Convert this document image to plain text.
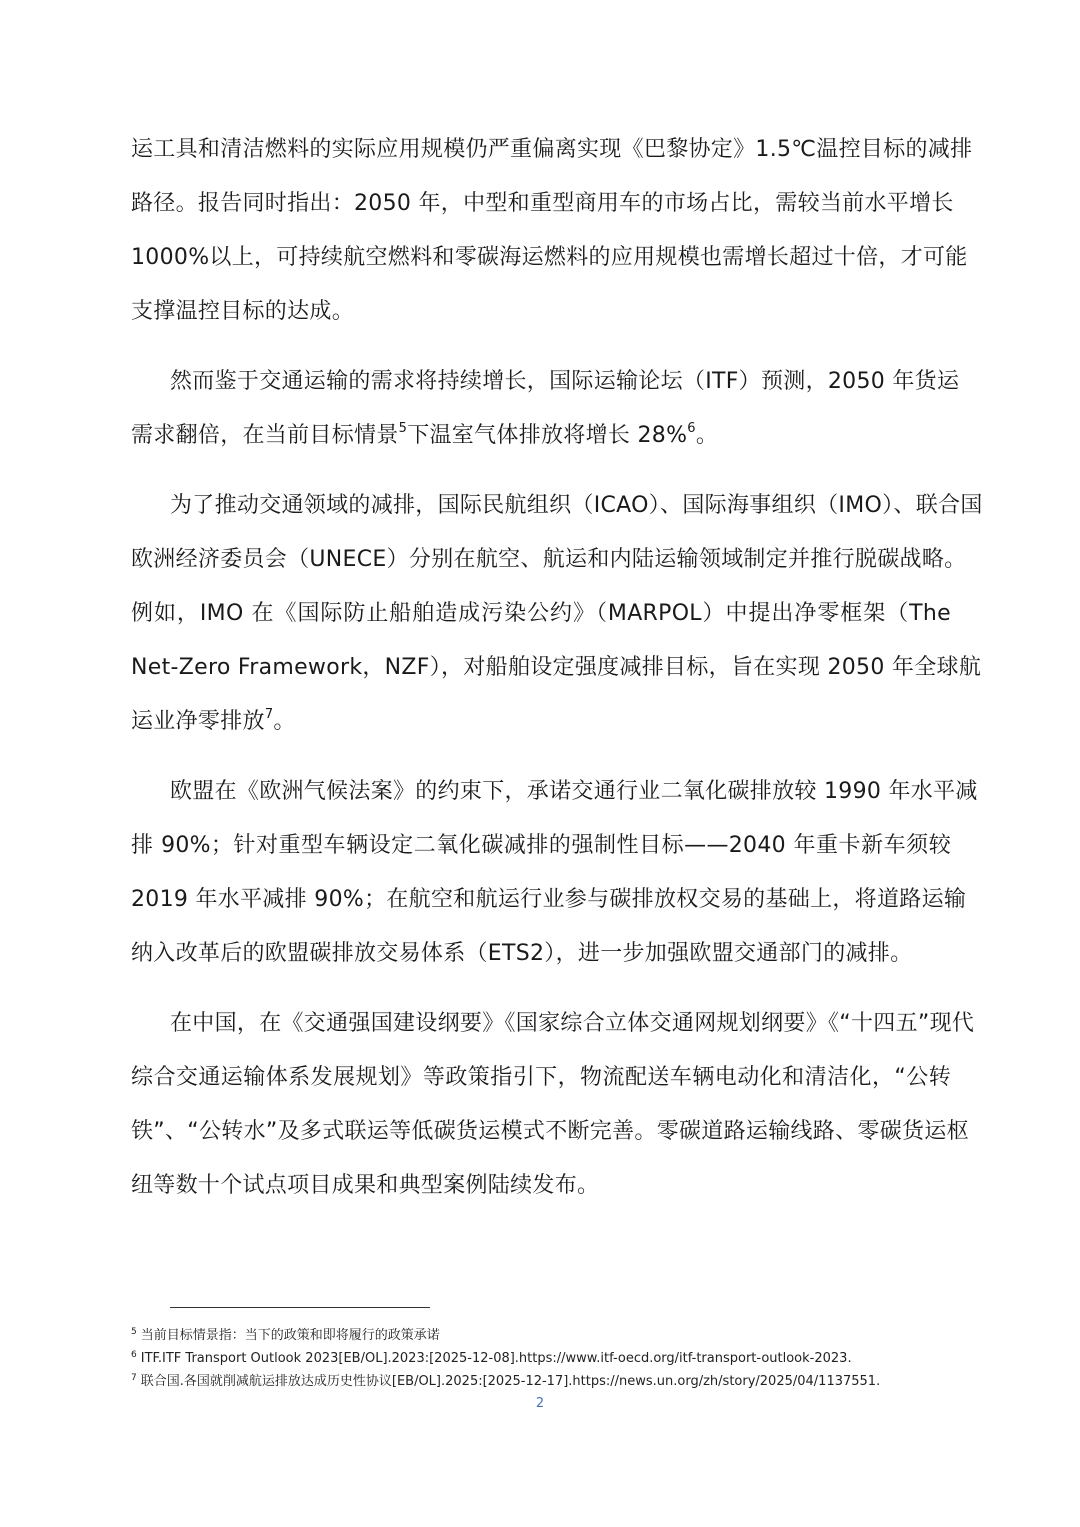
运工具和清洁燃料的实际应用规模仍严重偏离实现《巴黎协定》1.5℃温控目标的减排
路径。报告同时指出：2050 年，中型和重型商用车的市场占比，需较当前水平增长
1000%以上，可持续航空燃料和零碳海运燃料的应用规模也需增长超过十倍，才可能
支撑温控目标的达成。
然而鉴于交通运输的需求将持续增长，国际运输论坛（ITF）预测，2050 年货运
需求翻倍，在当前目标情景$^5$下温室气体排放将增长 28%$^6$。
为了推动交通领域的减排，国际民航组织（ICAO）、国际海事组织（IMO）、联合国
欧洲经济委员会（UNECE）分别在航空、航运和内陆运输领域制定并推行脱碳战略。
例如，IMO 在《国际防止船舶造成污染公约》（MARPOL）中提出净零框架（The
Net-Zero Framework，NZF），对船舶设定强度减排目标，旨在实现 2050 年全球航
运业净零排放$^7$。
欧盟在《欧洲气候法案》的约束下，承诺交通行业二氧化碳排放较 1990 年水平减
排 90%；针对重型车辆设定二氧化碳减排的强制性目标——2040 年重卡新车须较
2019 年水平减排 90%；在航空和航运行业参与碳排放权交易的基础上，将道路运输
纳入改革后的欧盟碳排放交易体系（ETS2），进一步加强欧盟交通部门的减排。
在中国，在《交通强国建设纲要》《国家综合立体交通网规划纲要》《“十四五”现代
综合交通运输体系发展规划》等政策指引下，物流配送车辆电动化和清洁化，“公转
铁”、“公转水”及多式联运等低碳货运模式不断完善。零碳道路运输线路、零碳货运枢
纽等数十个试点项目成果和典型案例陆续发布。
$^5$ 当前目标情景指：当下的政策和即将履行的政策承诺
$^6$ ITF.ITF Transport Outlook 2023[EB/OL].2023:[2025-12-08].https://www.itf-oecd.org/itf-transport-outlook-2023.
$^7$ 联合国.各国就削减航运排放达成历史性协议[EB/OL].2025:[2025-12-17].https://news.un.org/zh/story/2025/04/1137551.
2
